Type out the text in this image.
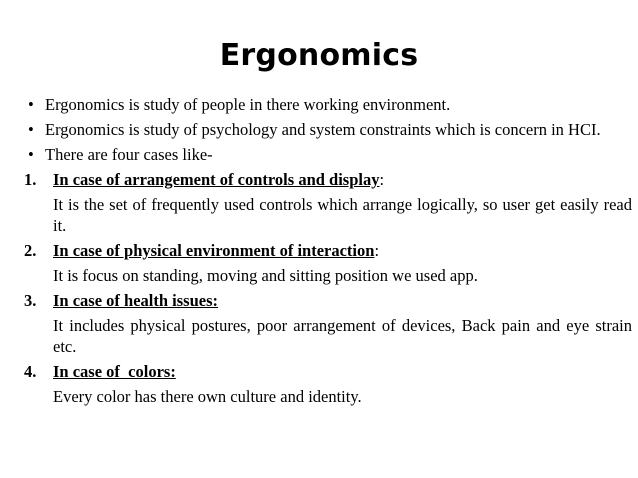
Ergonomics
• Ergonomics is study of people in there working environment.
• Ergonomics is study of psychology and system constraints which is concern in HCI.
• There are four cases like-
1.	In case of arrangement of controls and display:
It is the set of frequently used controls which arrange logically, so user get easily read it.
2.	In case of physical environment of interaction:
It is focus on standing, moving and sitting position we used app.
3.	In case of health issues:
It includes physical postures, poor arrangement of devices, Back pain and eye strain etc.
4.	In case of  colors:
Every color has there own culture and identity.
